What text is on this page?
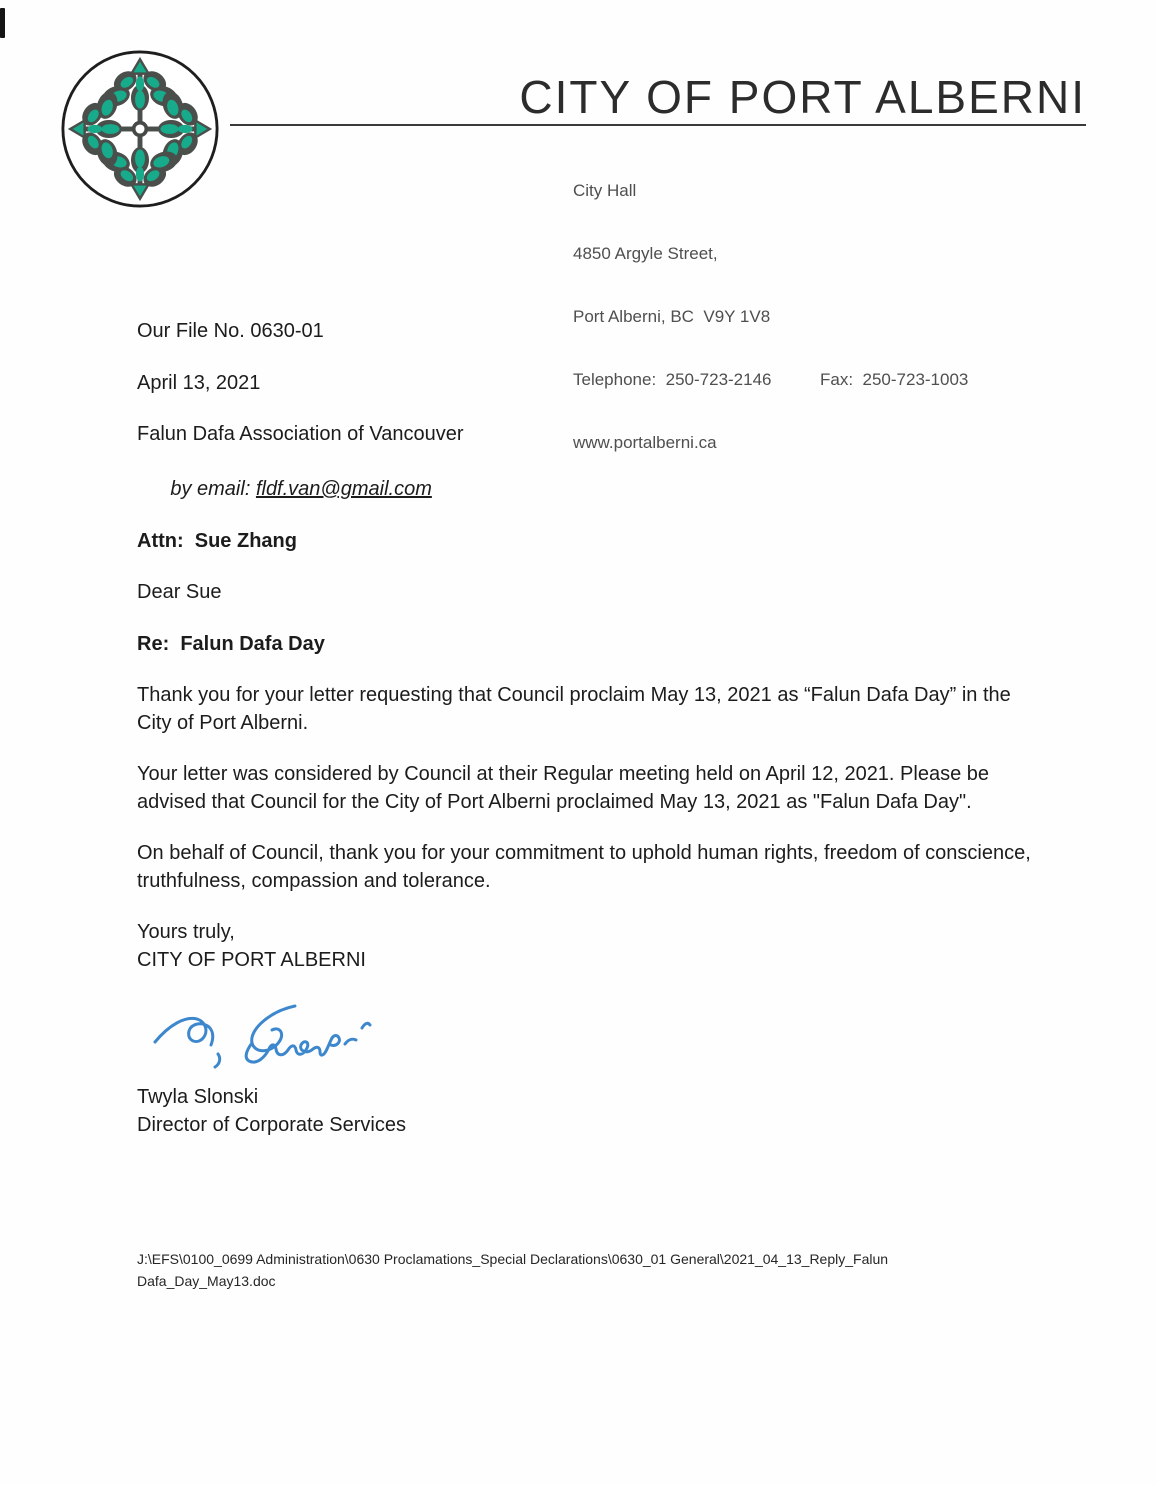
CITY OF PORT ALBERNI

City Hall

4850 Argyle Street,

Port Alberni, BC  V9Y 1V8

Telephone:  250-723-2146	Fax:  250-723-1003

www.portalberni.ca

Our File No. 0630-01

April 13, 2021

Falun Dafa Association of Vancouver

by email: fldf.van@gmail.com

Attn:  Sue Zhang

Dear Sue

Re:  Falun Dafa Day

Thank you for your letter requesting that Council proclaim May 13, 2021 as “Falun Dafa Day” in the City of Port Alberni.

Your letter was considered by Council at their Regular meeting held on April 12, 2021. Please be advised that Council for the City of Port Alberni proclaimed May 13, 2021 as "Falun Dafa Day".

On behalf of Council, thank you for your commitment to uphold human rights, freedom of conscience, truthfulness, compassion and tolerance.

Yours truly,
CITY OF PORT ALBERNI

Twyla Slonski
Director of Corporate Services

J:\EFS\0100_0699 Administration\0630 Proclamations_Special Declarations\0630_01 General\2021_04_13_Reply_Falun Dafa_Day_May13.doc
